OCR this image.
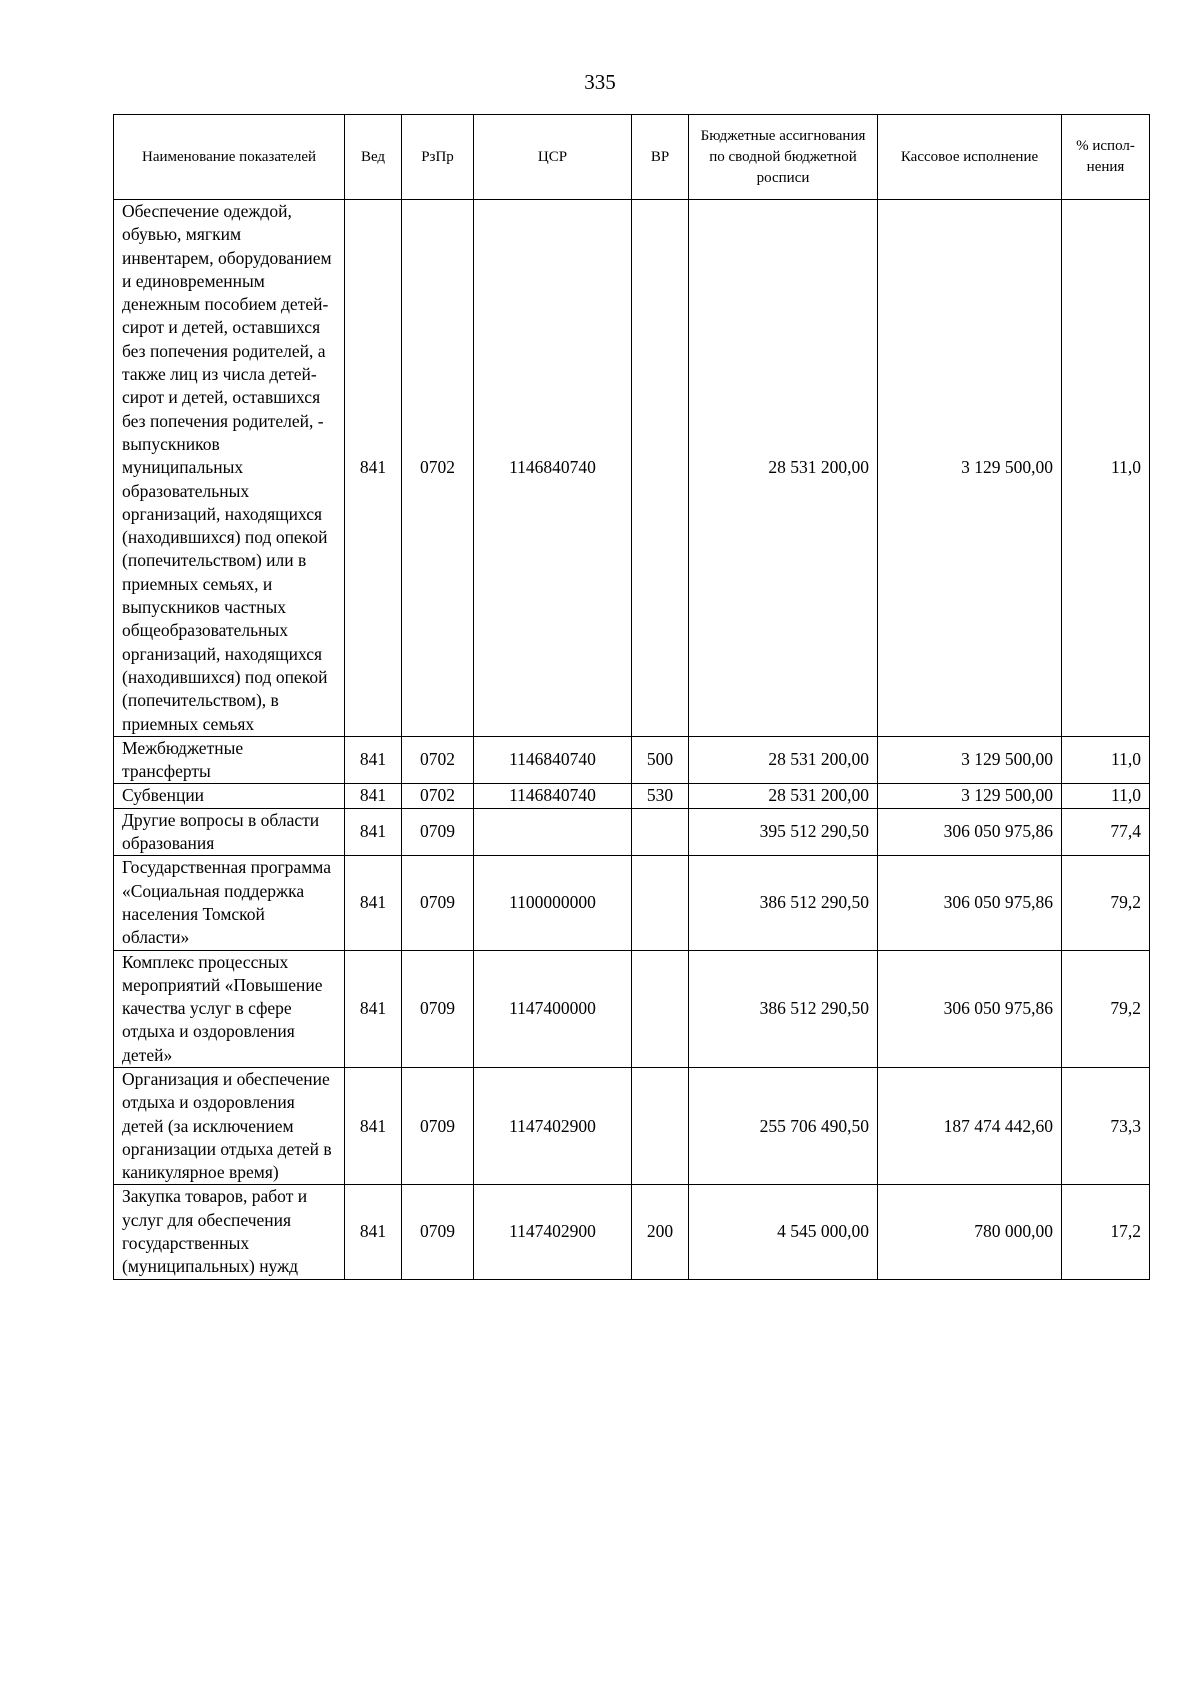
335
Наименование показателей	Вед	РзПр	ЦСР	ВР	Бюджетные ассигнования по сводной бюджетной росписи	Кассовое исполнение	% испол-нения
Обеспечение одеждой, обувью, мягким инвентарем, оборудованием и единовременным денежным пособием детей-сирот и детей, оставшихся без попечения родителей, а также лиц из числа детей-сирот и детей, оставшихся без попечения родителей, - выпускников муниципальных образовательных организаций, находящихся (находившихся) под опекой (попечительством) или в приемных семьях, и выпускников частных общеобразовательных организаций, находящихся (находившихся) под опекой (попечительством), в приемных семьях	841	0702	1146840740		28 531 200,00	3 129 500,00	11,0
Межбюджетные трансферты	841	0702	1146840740	500	28 531 200,00	3 129 500,00	11,0
Субвенции	841	0702	1146840740	530	28 531 200,00	3 129 500,00	11,0
Другие вопросы в области образования	841	0709			395 512 290,50	306 050 975,86	77,4
Государственная программа «Социальная поддержка населения Томской области»	841	0709	1100000000		386 512 290,50	306 050 975,86	79,2
Комплекс процессных мероприятий «Повышение качества услуг в сфере отдыха и оздоровления детей»	841	0709	1147400000		386 512 290,50	306 050 975,86	79,2
Организация и обеспечение отдыха и оздоровления детей (за исключением организации отдыха детей в каникулярное время)	841	0709	1147402900		255 706 490,50	187 474 442,60	73,3
Закупка товаров, работ и услуг для обеспечения государственных (муниципальных) нужд	841	0709	1147402900	200	4 545 000,00	780 000,00	17,2
